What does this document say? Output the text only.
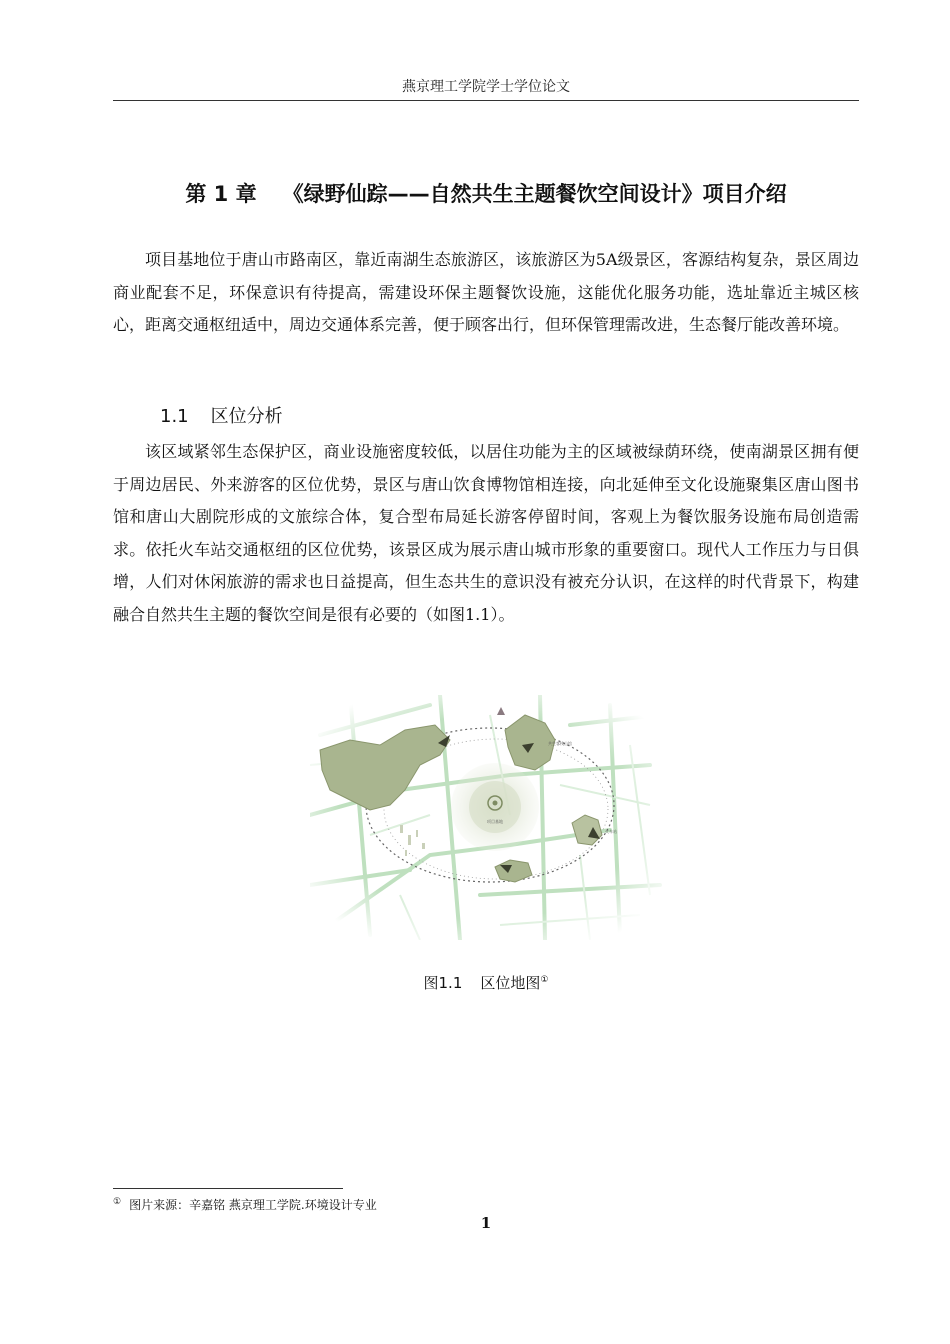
燕京理工学院学士学位论文
第 1 章 《绿野仙踪——自然共生主题餐饮空间设计》项目介绍

项目基地位于唐山市路南区，靠近南湖生态旅游区，该旅游区为5A级景区，客源结构复杂，景区周边商业配套不足，环保意识有待提高，需建设环保主题餐饮设施，这能优化服务功能，选址靠近主城区核心，距离交通枢纽适中，周边交通体系完善，便于顾客出行，但环保管理需改进，生态餐厅能改善环境。

1.1 区位分析

该区域紧邻生态保护区，商业设施密度较低，以居住功能为主的区域被绿荫环绕，使南湖景区拥有便于周边居民、外来游客的区位优势，景区与唐山饮食博物馆相连接，向北延伸至文化设施聚集区唐山图书馆和唐山大剧院形成的文旅综合体，复合型布局延长游客停留时间，客观上为餐饮服务设施布局创造需求。依托火车站交通枢纽的区位优势，该景区成为展示唐山城市形象的重要窗口。现代人工作压力与日俱增，人们对休闲旅游的需求也日益提高，但生态共生的意识没有被充分认识，在这样的时代背景下，构建融合自然共生主题的餐饮空间是很有必要的（如图1.1）。

项目基地
共生客栈山馆
火车站
图1.1 区位地图①
① 图片来源：辛嘉铭 燕京理工学院.环境设计专业
1
